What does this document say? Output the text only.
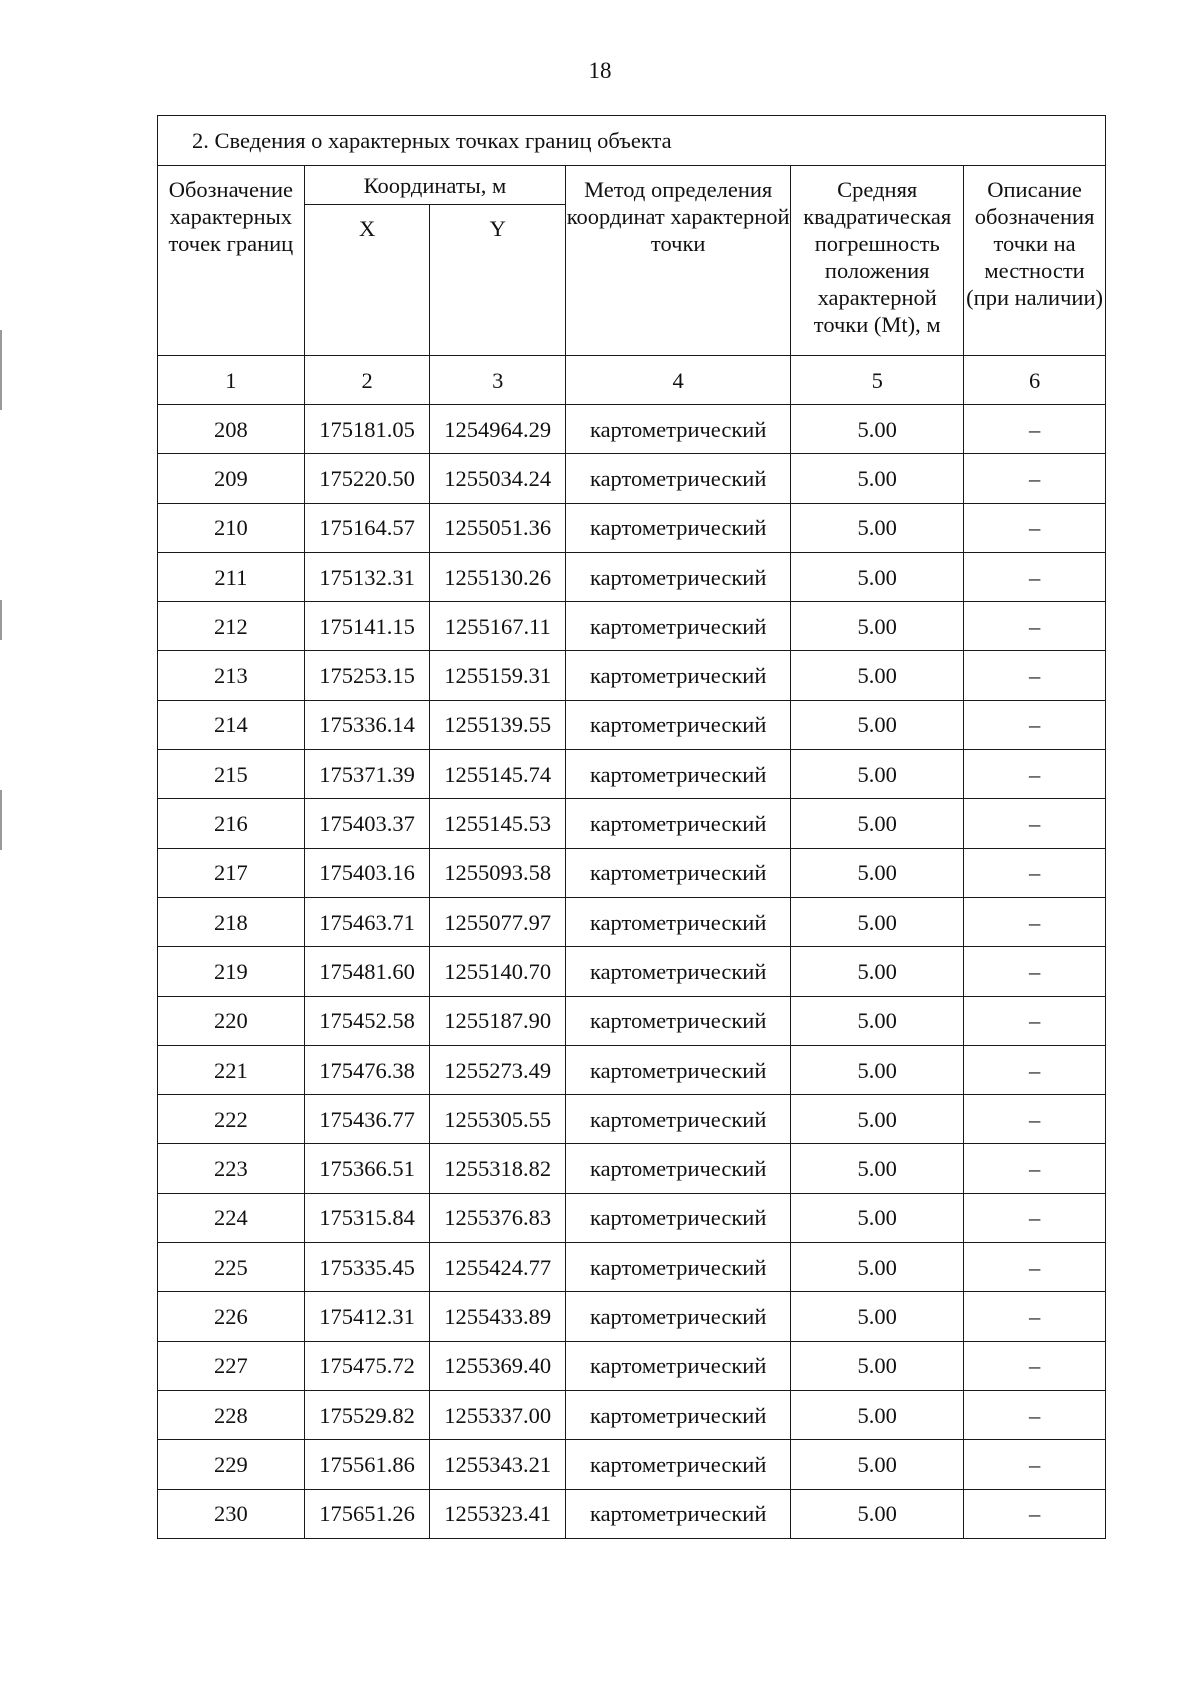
18
2. Сведения о характерных точках границ объекта					
Обозначение характерных точек границ	Координаты, м		Метод определения координат характерной точки	Средняя квадратическая погрешность положения характерной точки (Mt), м	Описание обозначения точки на местности (при наличии)
	X	Y			
1	2	3	4	5	6
208	175181.05	1254964.29	картометрический	5.00	–
209	175220.50	1255034.24	картометрический	5.00	–
210	175164.57	1255051.36	картометрический	5.00	–
211	175132.31	1255130.26	картометрический	5.00	–
212	175141.15	1255167.11	картометрический	5.00	–
213	175253.15	1255159.31	картометрический	5.00	–
214	175336.14	1255139.55	картометрический	5.00	–
215	175371.39	1255145.74	картометрический	5.00	–
216	175403.37	1255145.53	картометрический	5.00	–
217	175403.16	1255093.58	картометрический	5.00	–
218	175463.71	1255077.97	картометрический	5.00	–
219	175481.60	1255140.70	картометрический	5.00	–
220	175452.58	1255187.90	картометрический	5.00	–
221	175476.38	1255273.49	картометрический	5.00	–
222	175436.77	1255305.55	картометрический	5.00	–
223	175366.51	1255318.82	картометрический	5.00	–
224	175315.84	1255376.83	картометрический	5.00	–
225	175335.45	1255424.77	картометрический	5.00	–
226	175412.31	1255433.89	картометрический	5.00	–
227	175475.72	1255369.40	картометрический	5.00	–
228	175529.82	1255337.00	картометрический	5.00	–
229	175561.86	1255343.21	картометрический	5.00	–
230	175651.26	1255323.41	картометрический	5.00	–
